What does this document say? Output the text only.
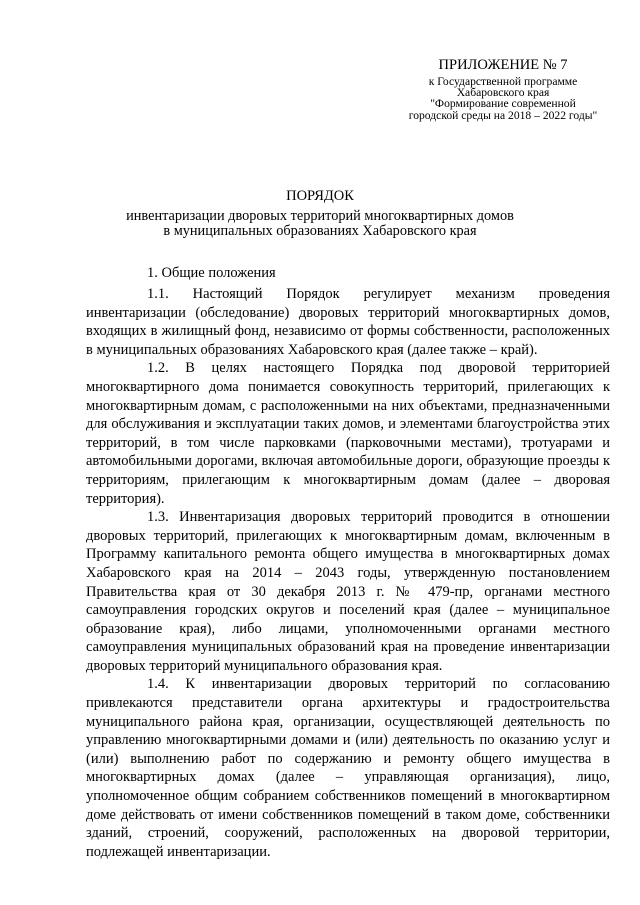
ПРИЛОЖЕНИЕ № 7
к Государственной программе
Хабаровского края
"Формирование современной
городской среды на 2018 – 2022 годы"
ПОРЯДОК
инвентаризации дворовых территорий многоквартирных домов
в муниципальных образованиях Хабаровского края
1. Общие положения

1.1. Настоящий Порядок регулирует механизм проведения инвентаризации (обследование) дворовых территорий многоквартирных домов, входящих в жилищный фонд, независимо от формы собственности, расположенных в муниципальных образованиях Хабаровского края (далее также – край).

1.2. В целях настоящего Порядка под дворовой территорией многоквартирного дома понимается совокупность территорий, прилегающих к многоквартирным домам, с расположенными на них объектами, предназначенными для обслуживания и эксплуатации таких домов, и элементами благоустройства этих территорий, в том числе парковками (парковочными местами), тротуарами и автомобильными дорогами, включая автомобильные дороги, образующие проезды к территориям, прилегающим к многоквартирным домам (далее – дворовая территория).

1.3. Инвентаризация дворовых территорий проводится в отношении дворовых территорий, прилегающих к многоквартирным домам, включенным в Программу капитального ремонта общего имущества в многоквартирных домах Хабаровского края на 2014 – 2043 годы, утвержденную постановлением Правительства края от 30 декабря 2013 г. № 479-пр, органами местного самоуправления городских округов и поселений края (далее – муниципальное образование края), либо лицами, уполномоченными органами местного самоуправления муниципальных образований края на проведение инвентаризации дворовых территорий муниципального образования края.

1.4. К инвентаризации дворовых территорий по согласованию привлекаются представители органа архитектуры и градостроительства муниципального района края, организации, осуществляющей деятельность по управлению многоквартирными домами и (или) деятельность по оказанию услуг и (или) выполнению работ по содержанию и ремонту общего имущества в многоквартирных домах (далее – управляющая организация), лицо, уполномоченное общим собранием собственников помещений в многоквартирном доме действовать от имени собственников помещений в таком доме, собственники зданий, строений, сооружений, расположенных на дворовой территории, подлежащей инвентаризации.
